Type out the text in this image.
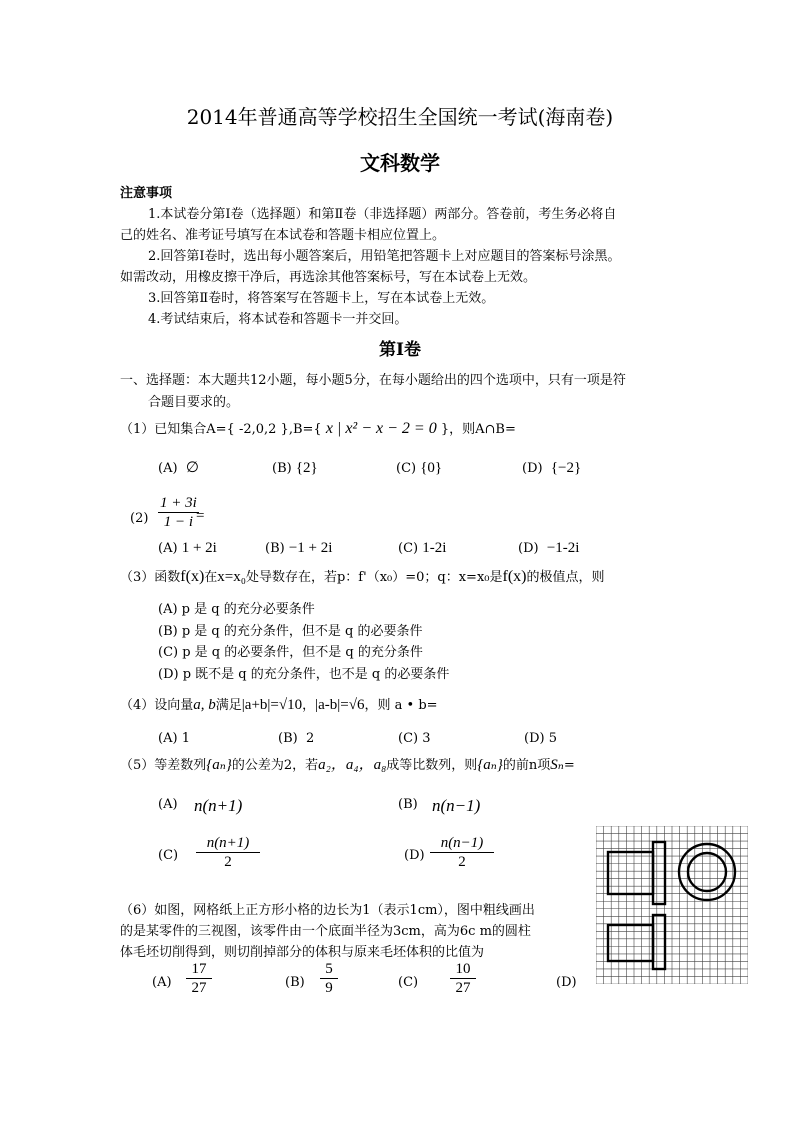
2014年普通高等学校招生全国统一考试(海南卷)
文科数学
注意事项
1.本试卷分第Ⅰ卷（选择题）和第Ⅱ卷（非选择题）两部分。答卷前，考生务必将自
己的姓名、准考证号填写在本试卷和答题卡相应位置上。
2.回答第Ⅰ卷时，选出每小题答案后，用铅笔把答题卡上对应题目的答案标号涂黑。
如需改动，用橡皮擦干净后，再选涂其他答案标号，写在本试卷上无效。
3.回答第Ⅱ卷时，将答案写在答题卡上，写在本试卷上无效。
4.考试结束后，将本试卷和答题卡一并交回。
第Ⅰ卷
一、选择题：本大题共12小题，每小题5分，在每小题给出的四个选项中，只有一项是符
合题目要求的。
（1）已知集合A={ -2,0,2 },B={ x | x² − x − 2 = 0 }，则A∩B=
(A) ∅	(B) {2}	(C) {0}	(D) {−2}
$(2) \frac{1 + 3i}{1 - i}$
=
(A) 1 + 2i	(B) −1 + 2i	(C) 1-2i	(D) −1-2i
（3）函数f(x)在x=x₀处导数存在，若p：f'（x₀）=0；q：x=x₀是f(x)的极值点，则
(A) p 是 q 的充分必要条件
(B) p 是 q 的充分条件，但不是 q 的必要条件
(C) p 是 q 的必要条件，但不是 q 的充分条件
(D) p 既不是 q 的充分条件，也不是 q 的必要条件
（4）设向量a, b满足|a+b|=√10，|a-b|=√6，则 a • b=
(A) 1	(B) 2	(C) 3	(D) 5
（5）等差数列{aₙ}的公差为2，若a₂，a₄，a₈成等比数列，则{aₙ}的前n项Sₙ=
(A) n(n+1)	(B) n(n−1)
$(C) \frac{n(n+1)}{2}$	$(D) \frac{n(n-1)}{2}$
（6）如图，网格纸上正方形小格的边长为1（表示1cm），图中粗线画出
的是某零件的三视图，该零件由一个底面半径为3cm，高为6c m的圆柱
体毛坯切削得到，则切削掉部分的体积与原来毛坯体积的比值为
$(A) \frac{17}{27}$	$(B) \frac{5}{9}$	$(C) \frac{10}{27}$	(D)
